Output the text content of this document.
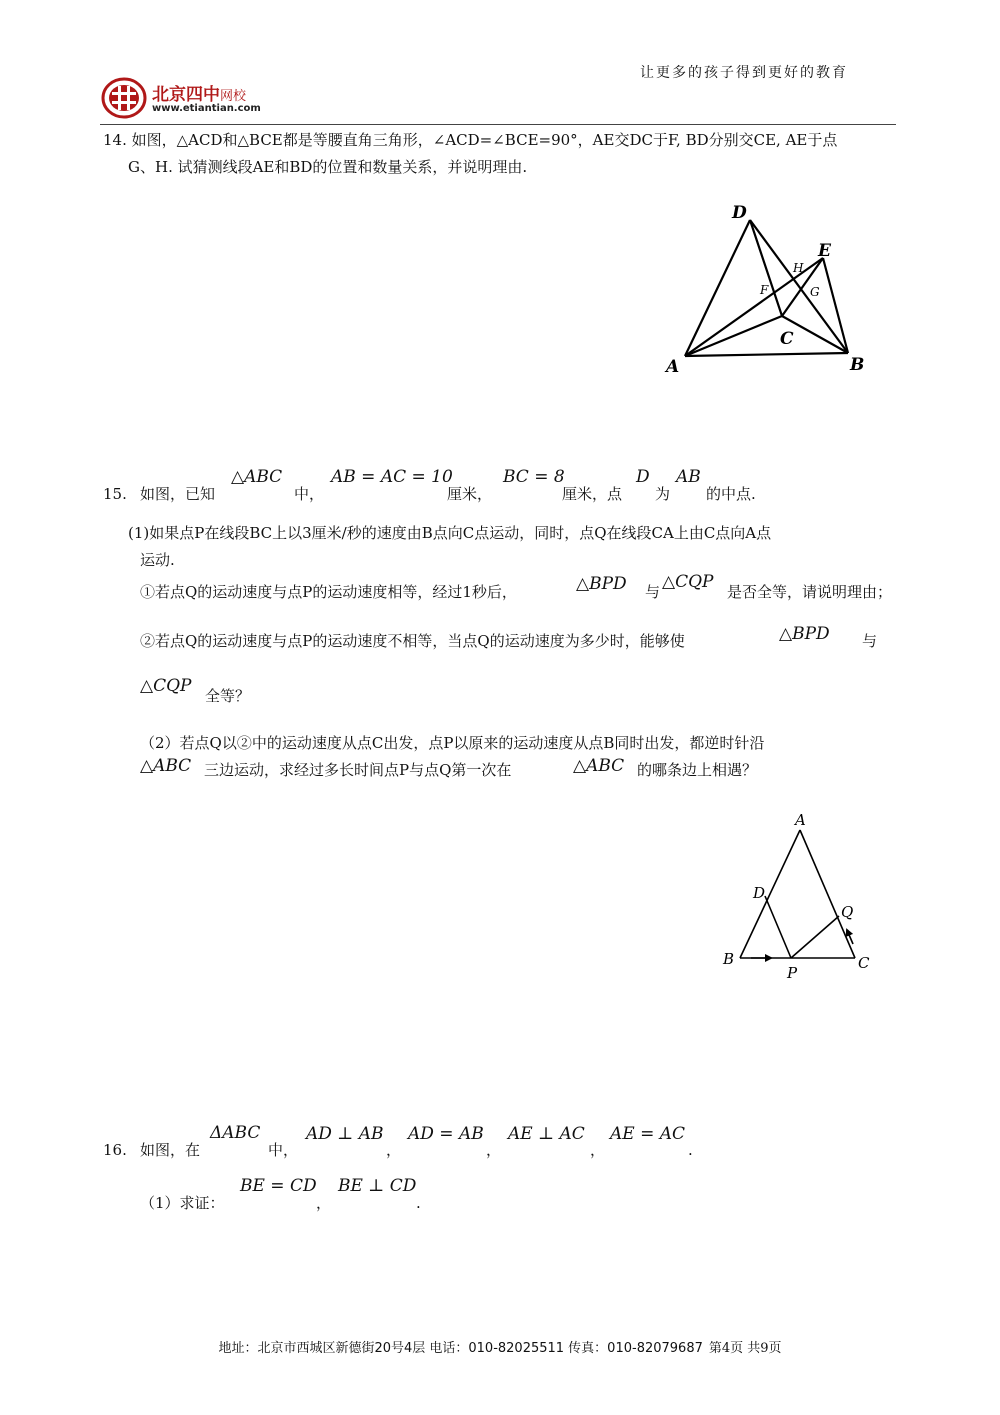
让更多的孩子得到更好的教育
北京四中网校
www.etiantian.com
14. 如图，△ACD和△BCE都是等腰直角三角形，∠ACD=∠BCE=90°，AE交DC于F, BD分别交CE, AE于点
G、H. 试猜测线段AE和BD的位置和数量关系，并说明理由.
D
E
A	B
C
H
F	G
15. 如图，已知
△ABC
中，
AB = AC = 10
厘米，
BC = 8
厘米，点
D
为
AB
的中点.
(1)如果点P在线段BC上以3厘米/秒的速度由B点向C点运动，同时，点Q在线段CA上由C点向A点
运动.
①若点Q的运动速度与点P的运动速度相等，经过1秒后，	△BPD 与 △CQP 是否全等，请说明理由；
②若点Q的运动速度与点P的运动速度不相等，当点Q的运动速度为多少时，能够使	△BPD 与
△CQP 全等？
（2）若点Q以②中的运动速度从点C出发，点P以原来的运动速度从点B同时出发，都逆时针沿
△ABC 三边运动，求经过多长时间点P与点Q第一次在	△ABC 的哪条边上相遇？
A
D
Q
B
P
C
16. 如图，在
ΔABC
中，
AD ⊥ AB
，
AD = AB
，
AE ⊥ AC
，
AE = AC
.
（1）求证：
BE = CD
，
BE ⊥ CD
.
地址：北京市西城区新德街20号4层 电话：010-82025511 传真：010-82079687 第4页 共9页
